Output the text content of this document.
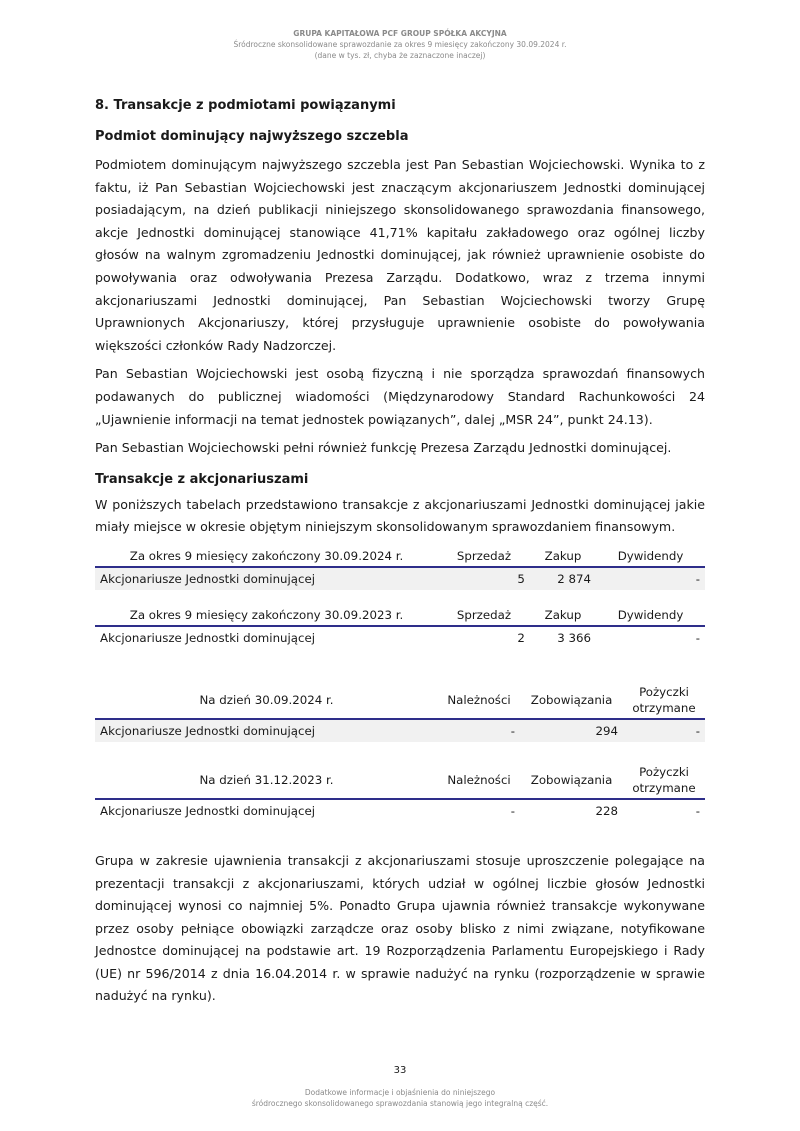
GRUPA KAPITAŁOWA PCF GROUP SPÓŁKA AKCYJNA
Śródroczne skonsolidowane sprawozdanie za okres 9 miesięcy zakończony 30.09.2024 r.
(dane w tys. zł, chyba że zaznaczone inaczej)
8. Transakcje z podmiotami powiązanymi
Podmiot dominujący najwyższego szczebla

Podmiotem dominującym najwyższego szczebla jest Pan Sebastian Wojciechowski. Wynika to z faktu, iż Pan Sebastian Wojciechowski jest znaczącym akcjonariuszem Jednostki dominującej posiadającym, na dzień publikacji niniejszego skonsolidowanego sprawozdania finansowego, akcje Jednostki dominującej stanowiące 41,71% kapitału zakładowego oraz ogólnej liczby głosów na walnym zgromadzeniu Jednostki dominującej, jak również uprawnienie osobiste do powoływania oraz odwoływania Prezesa Zarządu. Dodatkowo, wraz z trzema innymi akcjonariuszami Jednostki dominującej, Pan Sebastian Wojciechowski tworzy Grupę Uprawnionych Akcjonariuszy, której przysługuje uprawnienie osobiste do powoływania większości członków Rady Nadzorczej.

Pan Sebastian Wojciechowski jest osobą fizyczną i nie sporządza sprawozdań finansowych podawanych do publicznej wiadomości (Międzynarodowy Standard Rachunkowości 24 „Ujawnienie informacji na temat jednostek powiązanych”, dalej „MSR 24”, punkt 24.13).

Pan Sebastian Wojciechowski pełni również funkcję Prezesa Zarządu Jednostki dominującej.

Transakcje z akcjonariuszami

W poniższych tabelach przedstawiono transakcje z akcjonariuszami Jednostki dominującej jakie miały miejsce w okresie objętym niniejszym skonsolidowanym sprawozdaniem finansowym.

Za okres 9 miesięcy zakończony 30.09.2024 r.	Sprzedaż	Zakup	Dywidendy
Akcjonariusze Jednostki dominującej	5	2 874	-
Za okres 9 miesięcy zakończony 30.09.2023 r.	Sprzedaż	Zakup	Dywidendy
Akcjonariusze Jednostki dominującej	2	3 366	-
Na dzień 30.09.2024 r.	Należności	Zobowiązania	Pożyczki
otrzymane
Akcjonariusze Jednostki dominującej	-	294	-
Na dzień 31.12.2023 r.	Należności	Zobowiązania	Pożyczki
otrzymane
Akcjonariusze Jednostki dominującej	-	228	-

Grupa w zakresie ujawnienia transakcji z akcjonariuszami stosuje uproszczenie polegające na prezentacji transakcji z akcjonariuszami, których udział w ogólnej liczbie głosów Jednostki dominującej wynosi co najmniej 5%. Ponadto Grupa ujawnia również transakcje wykonywane przez osoby pełniące obowiązki zarządcze oraz osoby blisko z nimi związane, notyfikowane Jednostce dominującej na podstawie art. 19 Rozporządzenia Parlamentu Europejskiego i Rady (UE) nr 596/2014 z dnia 16.04.2014 r. w sprawie nadużyć na rynku (rozporządzenie w sprawie nadużyć na rynku).

33
Dodatkowe informacje i objaśnienia do niniejszego
śródrocznego skonsolidowanego sprawozdania stanowią jego integralną część.
